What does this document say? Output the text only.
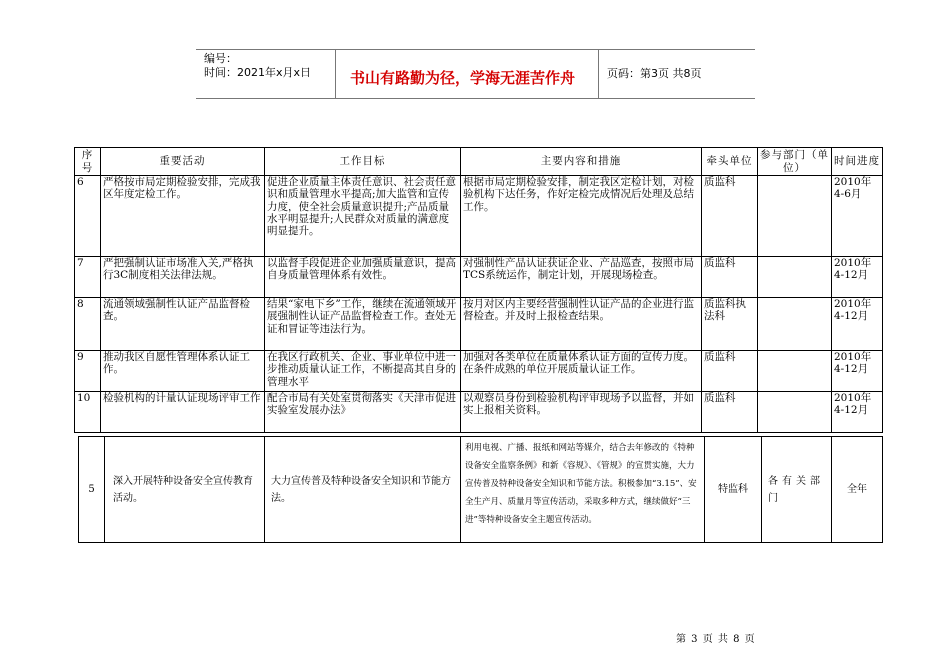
编号：
时间：2021年x月x日	书山有路勤为径，学海无涯苦作舟	页码：第3页 共8页
序号	重要活动	工作目标	主要内容和措施	牵头单位	参与部门（单位）	时间进度
6	严格按市局定期检验安排，完成我区年度定检工作。	促进企业质量主体责任意识、社会责任意识和质量管理水平提高;加大监管和宣传力度，使全社会质量意识提升;产品质量水平明显提升;人民群众对质量的满意度明显提升。	根据市局定期检验安排，制定我区定检计划，对检验机构下达任务，作好定检完成情况后处理及总结工作。	质监科		2010年4-6月
7	严把强制认证市场准入关,严格执行3C制度相关法律法规。	以监督手段促进企业加强质量意识，提高自身质量管理体系有效性。	对强制性产品认证获证企业、产品巡查，按照市局TCS系统运作，制定计划，开展现场检查。	质监科		2010年 4-12月
8	流通领域强制性认证产品监督检查。	结果“家电下乡”工作，继续在流通领域开展强制性认证产品监督检查工作。查处无证和冒证等违法行为。	按月对区内主要经营强制性认证产品的企业进行监督检查。并及时上报检查结果。	质监科执法科		2010年 4-12月
9	推动我区自愿性管理体系认证工作。	在我区行政机关、企业、事业单位中进一步推动质量认证工作，不断提高其自身的管理水平	加强对各类单位在质量体系认证方面的宣传力度。在条件成熟的单位开展质量认证工作。	质监科		2010年 4-12月
10	检验机构的计量认证现场评审工作	配合市局有关处室贯彻落实《天津市促进实验室发展办法》	以观察员身份到检验机构评审现场予以监督，并如实上报相关资料。	质监科		2010年 4-12月
5	深入开展特种设备安全宣传教育活动。	大力宣传普及特种设备安全知识和节能方法。	利用电视、广播、报纸和网站等媒介，结合去年修改的《特种设备安全监察条例》和新《容规》、《管规》的宣贯实施，大力宣传普及特种设备安全知识和节能方法。积极参加“3.15”、安全生产月、质量月等宣传活动，采取多种方式，继续做好“三进”等特种设备安全主题宣传活动。	特监科	各有关部门	全年
第 3 页 共 8 页
